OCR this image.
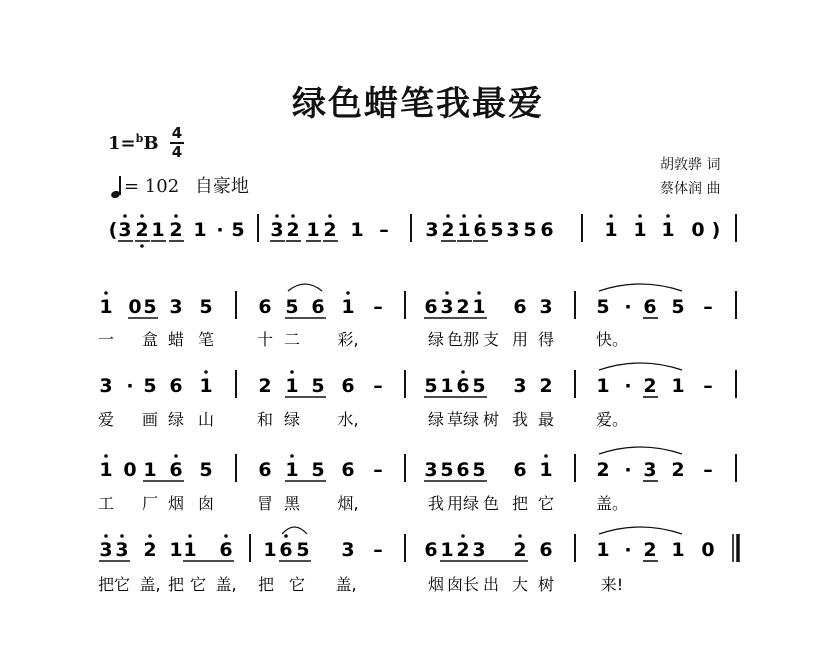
绿色蜡笔我最爱
1=$^b$B 4
4
= 102 自豪地
胡敦骅 词
蔡体润 曲
( 3 2 1 2 1 · 5 3 2 1 2 1 – 3 2 1 6 5 3 5 6	1 1 1 0 )
1 0 5 3 5 6 5 6 1 – 6 3 2 1 6 3 5 · 6 5 –
一 盒 蜡 笔	十 二 彩,	绿 色 那 支 用 得	快。
3 · 5 6 1 2 1 5 6 – 5 1 6 5 3 2 1 · 2 1 –
爱 画 绿 山	和 绿 水,	绿 草 绿 树 我 最	爱。
1 0 1 6 5 6 1 5 6 – 3 5 6 5 6 1 2 · 3 2 –
工 厂 烟 囱	冒 黑 烟,	我 用 绿 色 把 它	盖。
3 3 2 1 1 6 1 6 5 3 – 6 1 2 3 2 6 1 · 2 1 0
把 它 盖, 把 它 盖, 把 它 盖,	烟 囱 长 出 大 树	来!
